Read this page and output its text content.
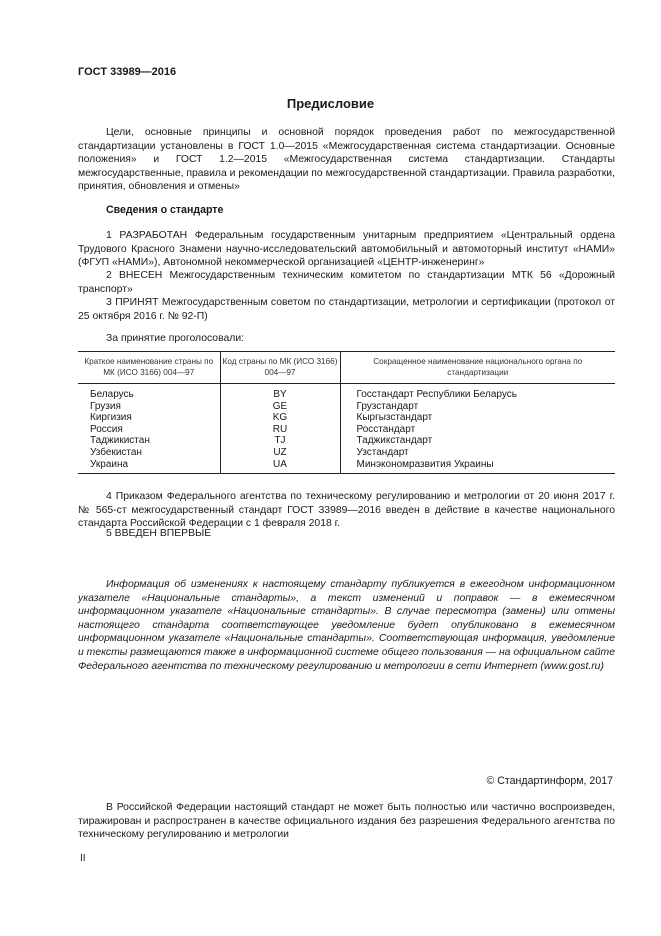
ГОСТ 33989—2016
Предисловие
Цели, основные принципы и основной порядок проведения работ по межгосударственной стандартизации установлены в ГОСТ 1.0—2015 «Межгосударственная система стандартизации. Основные положения» и ГОСТ 1.2—2015 «Межгосударственная система стандартизации. Стандарты межгосударственные, правила и рекомендации по межгосударственной стандартизации. Правила разработки, принятия, обновления и отмены»
Сведения о стандарте
1 РАЗРАБОТАН Федеральным государственным унитарным предприятием «Центральный ордена Трудового Красного Знамени научно-исследовательский автомобильный и автомоторный институт «НАМИ» (ФГУП «НАМИ»), Автономной некоммерческой организацией «ЦЕНТР-инженеринг»
2 ВНЕСЕН Межгосударственным техническим комитетом по стандартизации МТК 56 «Дорожный транспорт»
3 ПРИНЯТ Межгосударственным советом по стандартизации, метрологии и сертификации (протокол от 25 октября 2016 г. № 92-П)
За принятие проголосовали:
Краткое наименование страны по МК (ИСО 3166) 004—97	Код страны по МК (ИСО 3166) 004—97	Сокращенное наименование национального органа по стандартизации
Беларусь	BY	Госстандарт Республики Беларусь
Грузия	GE	Грузстандарт
Киргизия	KG	Кыргызстандарт
Россия	RU	Росстандарт
Таджикистан	TJ	Таджикстандарт
Узбекистан	UZ	Узстандарт
Украина	UA	Минэкономразвития Украины
4 Приказом Федерального агентства по техническому регулированию и метрологии от 20 июня 2017 г. № 565-ст межгосударственный стандарт ГОСТ 33989—2016 введен в действие в качестве национального стандарта Российской Федерации с 1 февраля 2018 г.
5 ВВЕДЕН ВПЕРВЫЕ
Информация об изменениях к настоящему стандарту публикуется в ежегодном информационном указателе «Национальные стандарты», а текст изменений и поправок — в ежемесячном информационном указателе «Национальные стандарты». В случае пересмотра (замены) или отмены настоящего стандарта соответствующее уведомление будет опубликовано в ежемесячном информационном указателе «Национальные стандарты». Соответствующая информация, уведомление и тексты размещаются также в информационной системе общего пользования — на официальном сайте Федерального агентства по техническому регулированию и метрологии в сети Интернет (www.gost.ru)
© Стандартинформ, 2017
В Российской Федерации настоящий стандарт не может быть полностью или частично воспроизведен, тиражирован и распространен в качестве официального издания без разрешения Федерального агентства по техническому регулированию и метрологии
II
